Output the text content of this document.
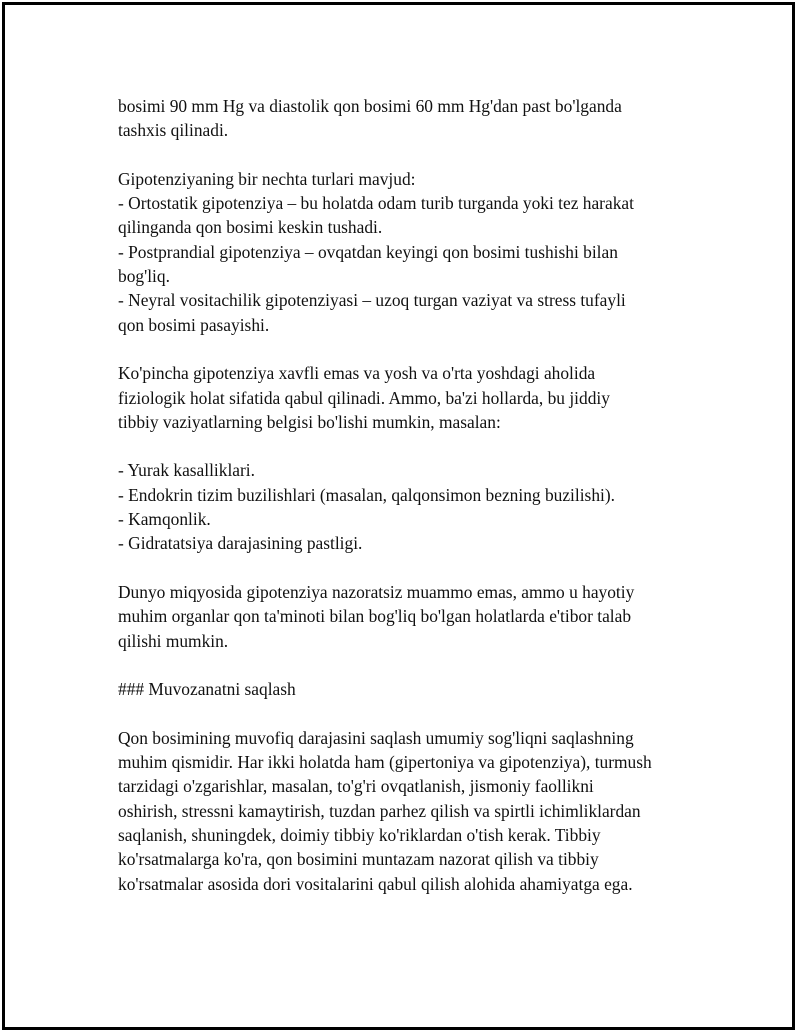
bosimi 90 mm Hg va diastolik qon bosimi 60 mm Hg'dan past bo'lganda

tashxis qilinadi.

Gipotenziyaning bir nechta turlari mavjud:

- Ortostatik gipotenziya – bu holatda odam turib turganda yoki tez harakat

qilinganda qon bosimi keskin tushadi.

- Postprandial gipotenziya – ovqatdan keyingi qon bosimi tushishi bilan

bog'liq.

- Neyral vositachilik gipotenziyasi – uzoq turgan vaziyat va stress tufayli

qon bosimi pasayishi.

Ko'pincha gipotenziya xavfli emas va yosh va o'rta yoshdagi aholida

fiziologik holat sifatida qabul qilinadi. Ammo, ba'zi hollarda, bu jiddiy

tibbiy vaziyatlarning belgisi bo'lishi mumkin, masalan:

- Yurak kasalliklari.

- Endokrin tizim buzilishlari (masalan, qalqonsimon bezning buzilishi).

- Kamqonlik.

- Gidratatsiya darajasining pastligi.

Dunyo miqyosida gipotenziya nazoratsiz muammo emas, ammo u hayotiy

muhim organlar qon ta'minoti bilan bog'liq bo'lgan holatlarda e'tibor talab

qilishi mumkin.

### Muvozanatni saqlash

Qon bosimining muvofiq darajasini saqlash umumiy sog'liqni saqlashning

muhim qismidir. Har ikki holatda ham (gipertoniya va gipotenziya), turmush

tarzidagi o'zgarishlar, masalan, to'g'ri ovqatlanish, jismoniy faollikni

oshirish, stressni kamaytirish, tuzdan parhez qilish va spirtli ichimliklardan

saqlanish, shuningdek, doimiy tibbiy ko'riklardan o'tish kerak. Tibbiy

ko'rsatmalarga ko'ra, qon bosimini muntazam nazorat qilish va tibbiy

ko'rsatmalar asosida dori vositalarini qabul qilish alohida ahamiyatga ega.
